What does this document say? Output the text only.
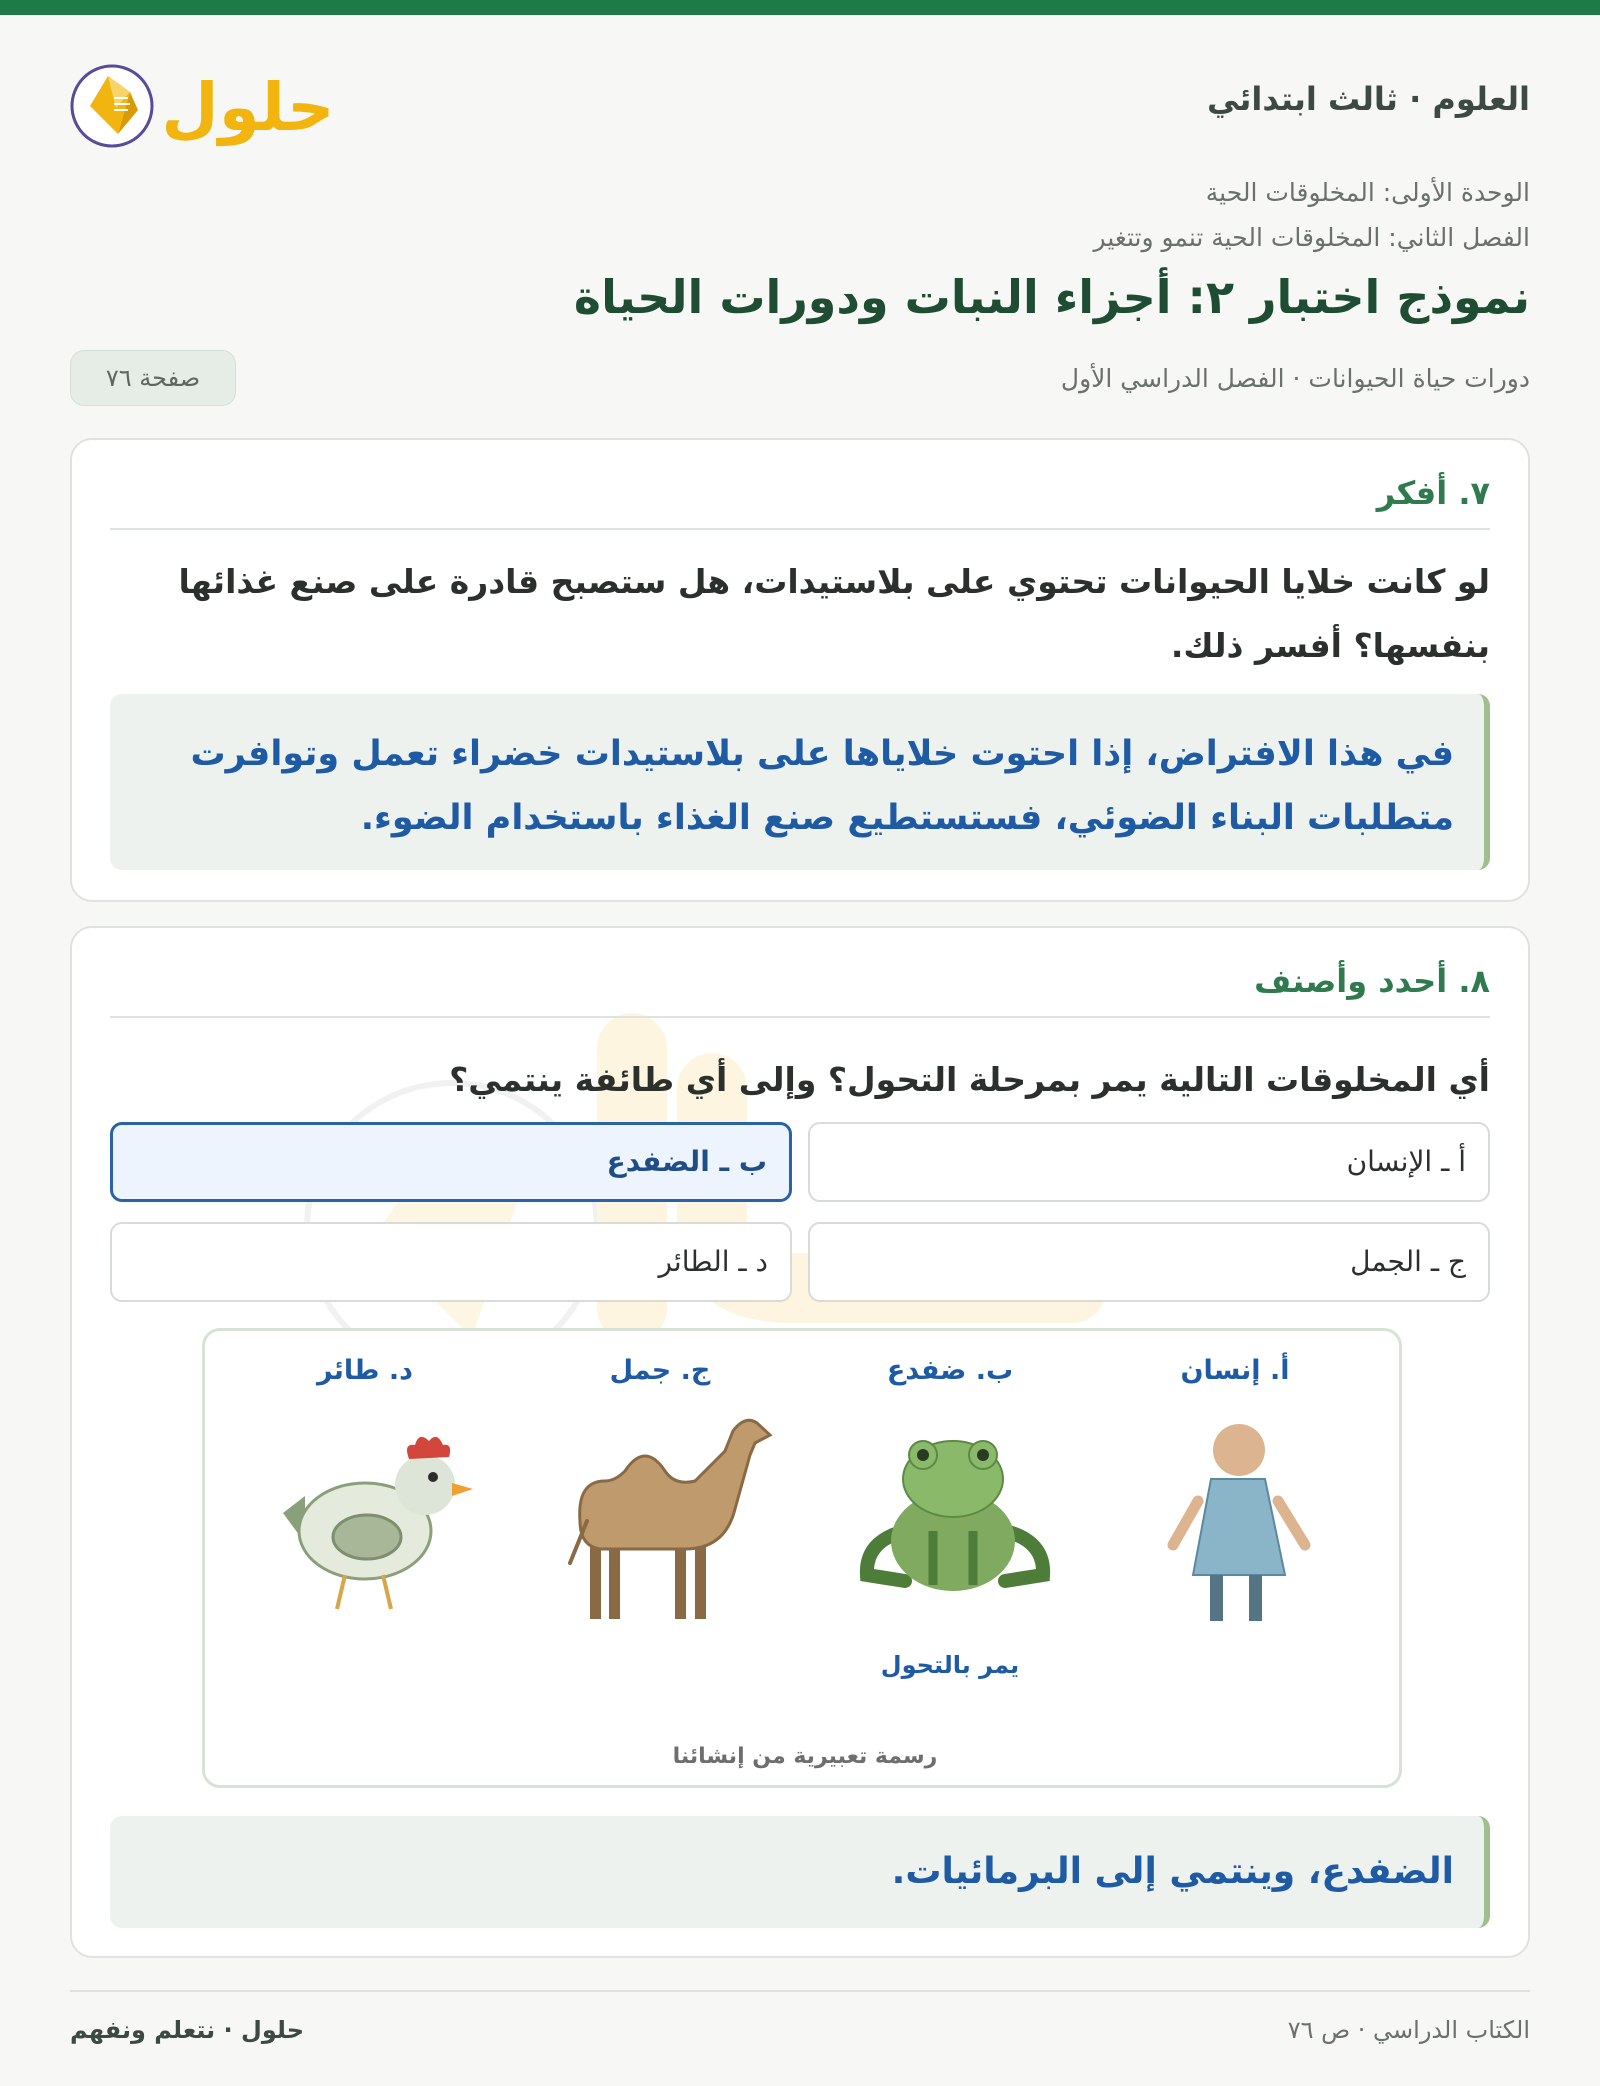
حلول	العلوم · ثالث ابتدائي
الوحدة الأولى: المخلوقات الحية
الفصل الثاني: المخلوقات الحية تنمو وتتغير
نموذج اختبار ٢: أجزاء النبات ودورات الحياة
دورات حياة الحيوانات · الفصل الدراسي الأول
صفحة ٧٦
٧. أفكر
لو كانت خلايا الحيوانات تحتوي على بلاستيدات، هل ستصبح قادرة على صنع غذائها بنفسها؟ أفسر ذلك.
في هذا الافتراض، إذا احتوت خلاياها على بلاستيدات خضراء تعمل وتوافرت متطلبات البناء الضوئي، فستستطيع صنع الغذاء باستخدام الضوء.
٨. أحدد وأصنف
أي المخلوقات التالية يمر بمرحلة التحول؟ وإلى أي طائفة ينتمي؟
أ ـ الإنسان
ب ـ الضفدع
ج ـ الجمل
د ـ الطائر
أ. إنسان
ب. ضفدع
ج. جمل
د. طائر
يمر بالتحول
رسمة تعبيرية من إنشائنا
الضفدع، وينتمي إلى البرمائيات.
الكتاب الدراسي · ص ٧٦
حلول · نتعلم ونفهم
